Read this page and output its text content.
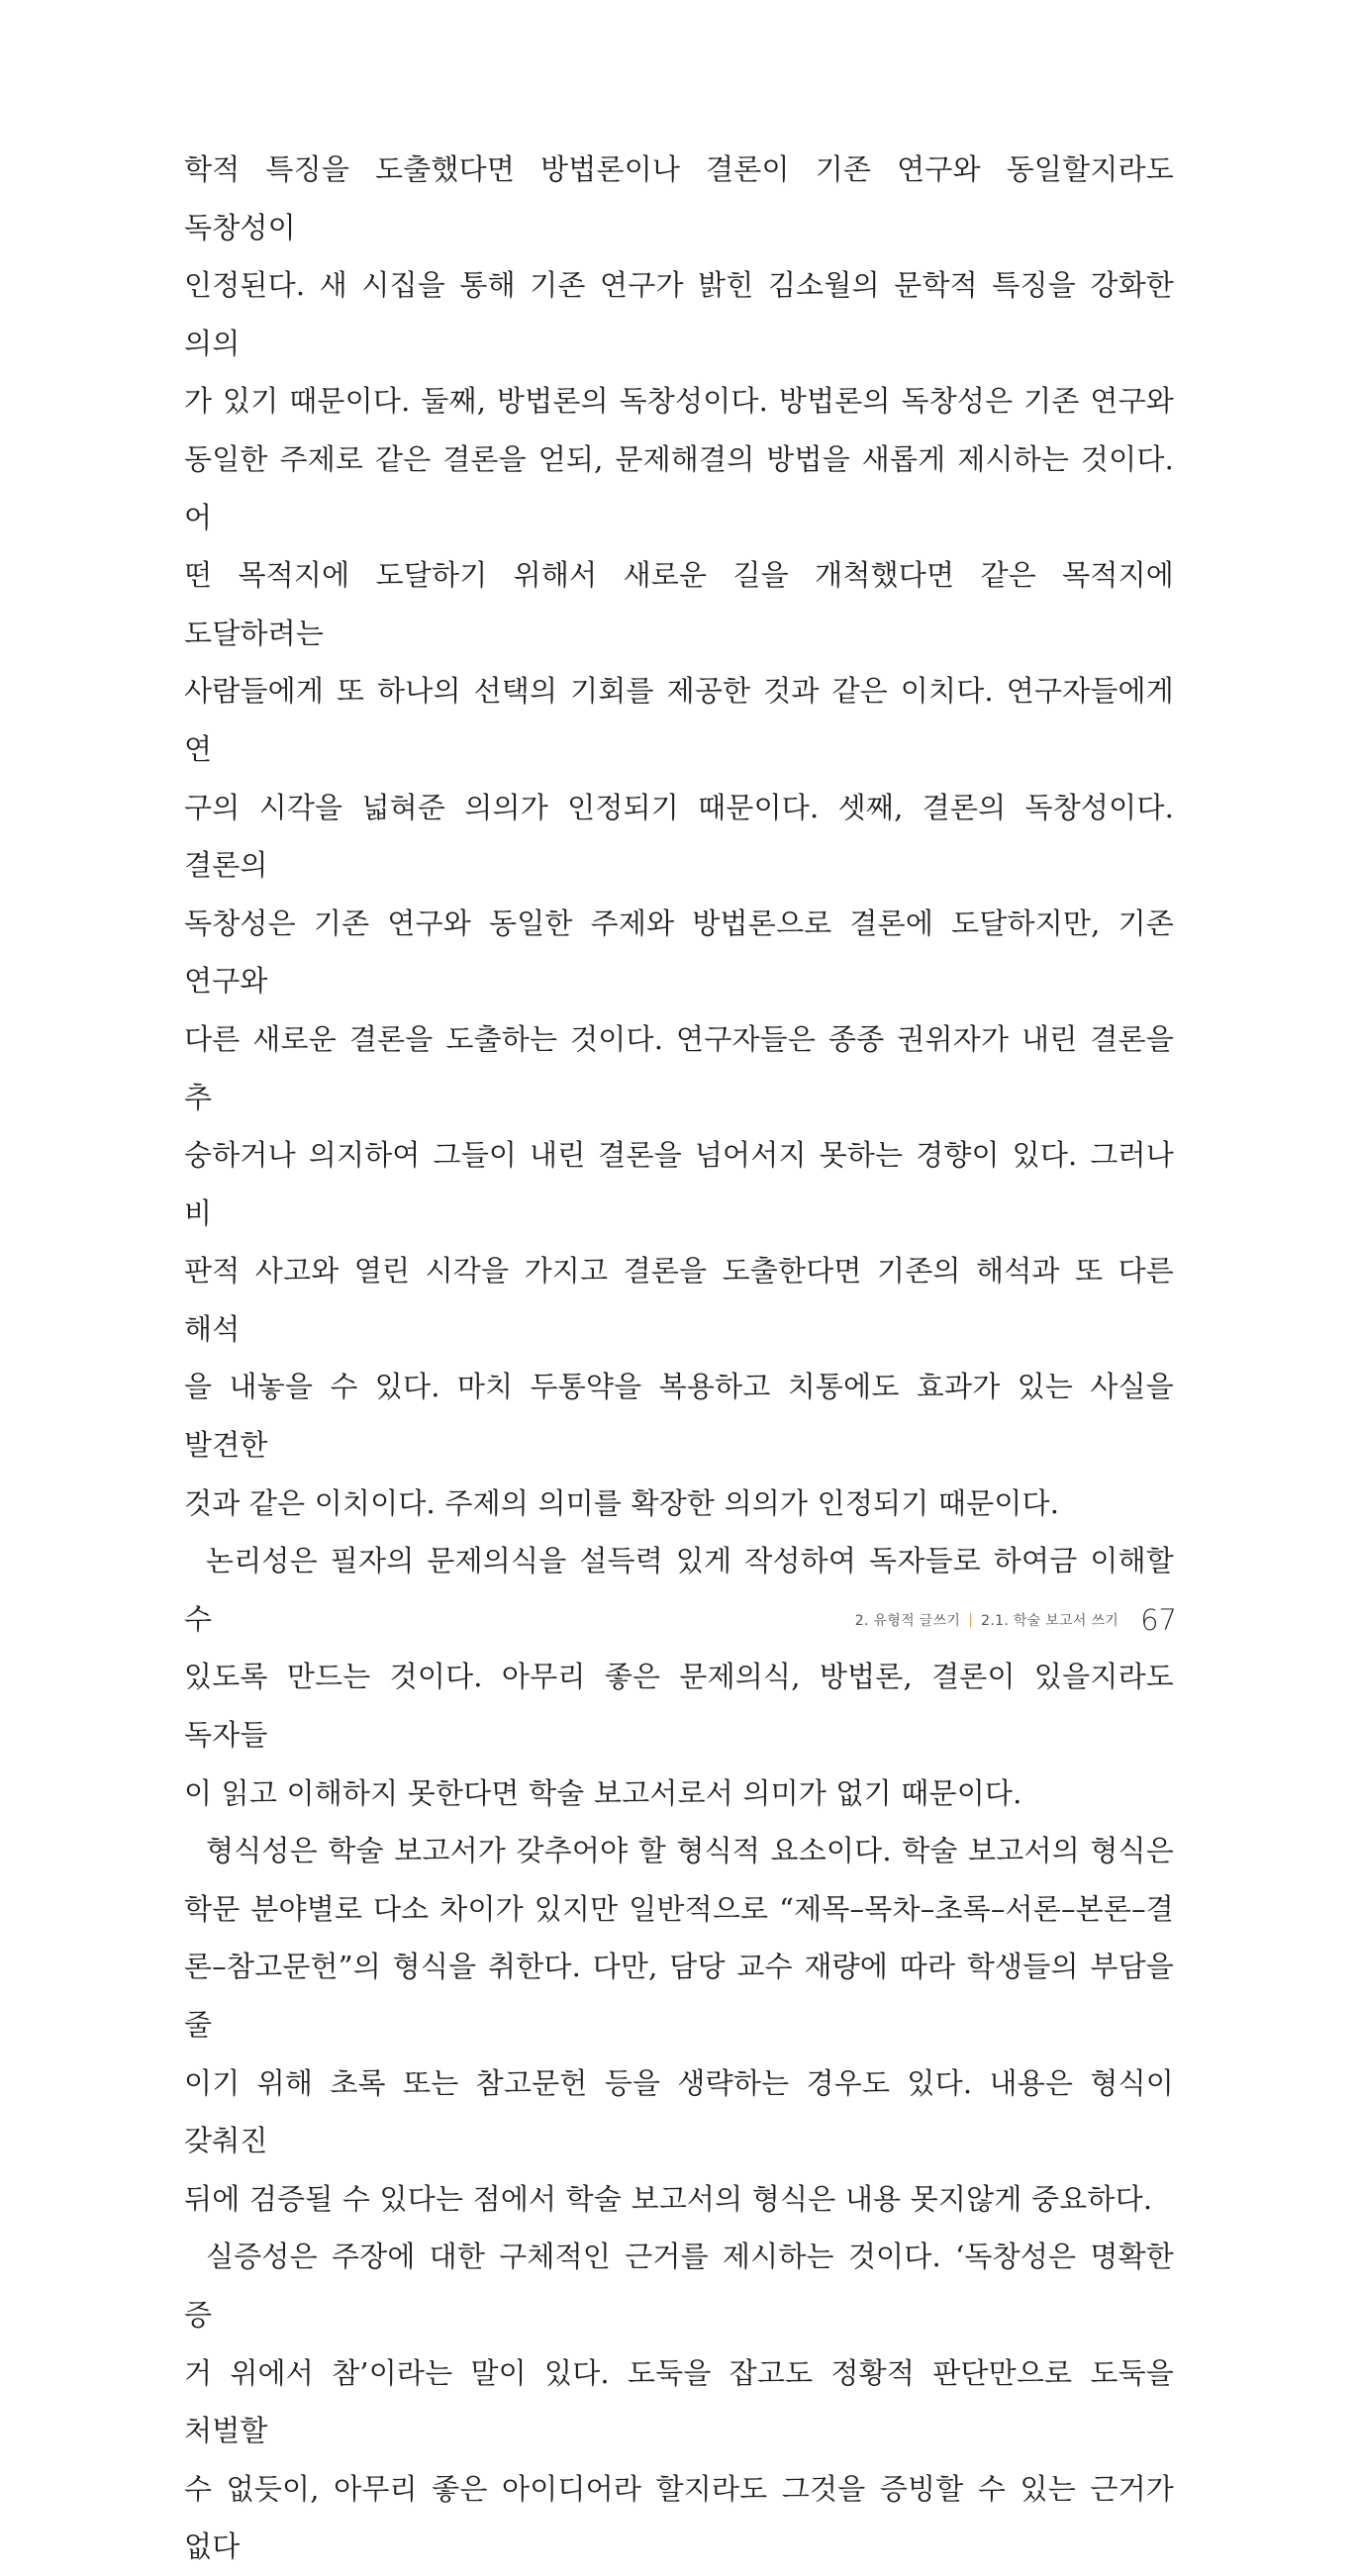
학적 특징을 도출했다면 방법론이나 결론이 기존 연구와 동일할지라도 독창성이

인정된다. 새 시집을 통해 기존 연구가 밝힌 김소월의 문학적 특징을 강화한 의의

가 있기 때문이다. 둘째, 방법론의 독창성이다. 방법론의 독창성은 기존 연구와

동일한 주제로 같은 결론을 얻되, 문제해결의 방법을 새롭게 제시하는 것이다. 어

떤 목적지에 도달하기 위해서 새로운 길을 개척했다면 같은 목적지에 도달하려는

사람들에게 또 하나의 선택의 기회를 제공한 것과 같은 이치다. 연구자들에게 연

구의 시각을 넓혀준 의의가 인정되기 때문이다. 셋째, 결론의 독창성이다. 결론의

독창성은 기존 연구와 동일한 주제와 방법론으로 결론에 도달하지만, 기존 연구와

다른 새로운 결론을 도출하는 것이다. 연구자들은 종종 권위자가 내린 결론을 추

숭하거나 의지하여 그들이 내린 결론을 넘어서지 못하는 경향이 있다. 그러나 비

판적 사고와 열린 시각을 가지고 결론을 도출한다면 기존의 해석과 또 다른 해석

을 내놓을 수 있다. 마치 두통약을 복용하고 치통에도 효과가 있는 사실을 발견한

것과 같은 이치이다. 주제의 의미를 확장한 의의가 인정되기 때문이다.

논리성은 필자의 문제의식을 설득력 있게 작성하여 독자들로 하여금 이해할 수

있도록 만드는 것이다. 아무리 좋은 문제의식, 방법론, 결론이 있을지라도 독자들

이 읽고 이해하지 못한다면 학술 보고서로서 의미가 없기 때문이다.

형식성은 학술 보고서가 갖추어야 할 형식적 요소이다. 학술 보고서의 형식은

학문 분야별로 다소 차이가 있지만 일반적으로 “제목–목차–초록–서론–본론–결

론–참고문헌”의 형식을 취한다. 다만, 담당 교수 재량에 따라 학생들의 부담을 줄

이기 위해 초록 또는 참고문헌 등을 생략하는 경우도 있다. 내용은 형식이 갖춰진

뒤에 검증될 수 있다는 점에서 학술 보고서의 형식은 내용 못지않게 중요하다.

실증성은 주장에 대한 구체적인 근거를 제시하는 것이다. ‘독창성은 명확한 증

거 위에서 참’이라는 말이 있다. 도둑을 잡고도 정황적 판단만으로 도둑을 처벌할

수 없듯이, 아무리 좋은 아이디어라 할지라도 그것을 증빙할 수 있는 근거가 없다

2. 유형적 글쓰기 2.1. 학술 보고서 쓰기 67
